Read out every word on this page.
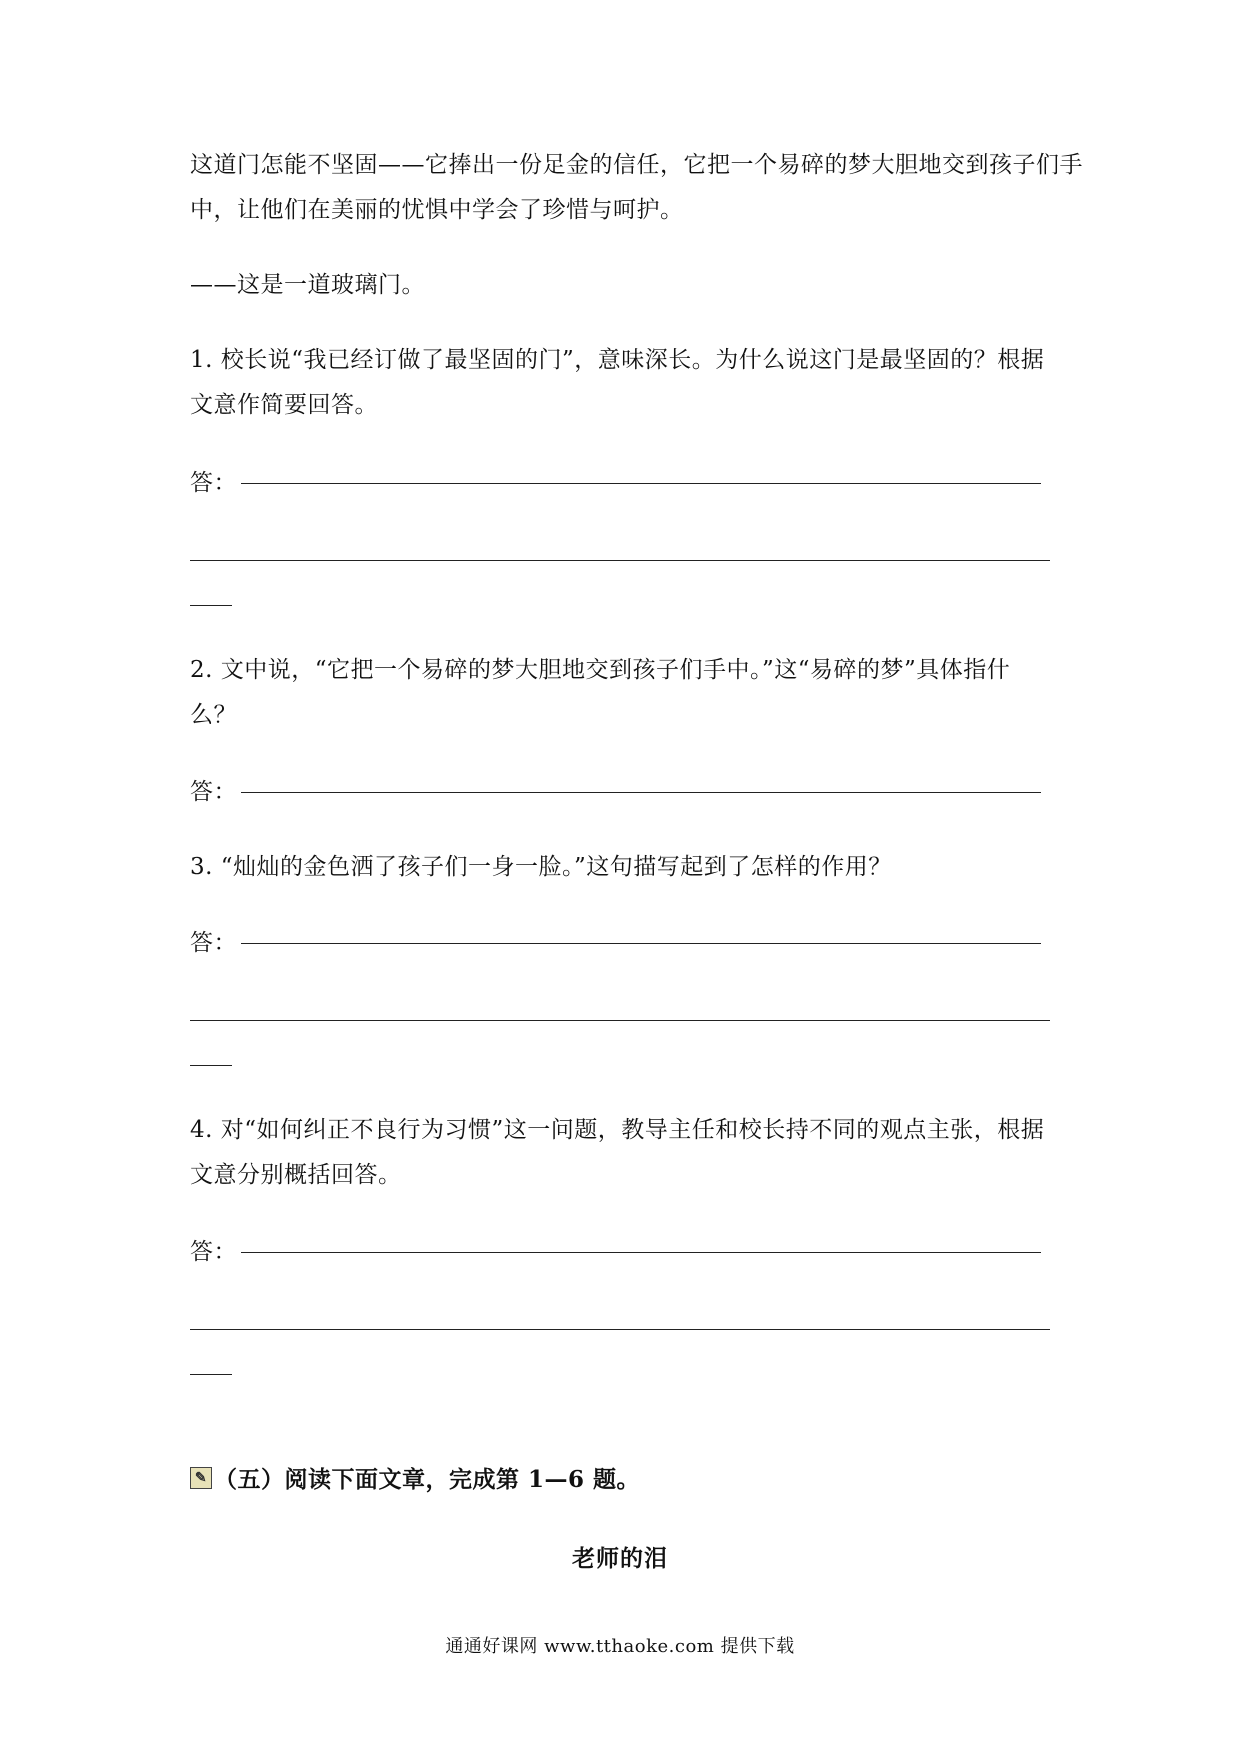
这道门怎能不坚固——它捧出一份足金的信任，它把一个易碎的梦大胆地交到孩子们手
中，让他们在美丽的忧惧中学会了珍惜与呵护。
——这是一道玻璃门。
1. 校长说“我已经订做了最坚固的门”，意味深长。为什么说这门是最坚固的？根据
文意作简要回答。
答：
2. 文中说，“它把一个易碎的梦大胆地交到孩子们手中。”这“易碎的梦”具体指什
么？
答：
3. “灿灿的金色洒了孩子们一身一脸。”这句描写起到了怎样的作用？
答：
4. 对“如何纠正不良行为习惯”这一问题，教导主任和校长持不同的观点主张，根据
文意分别概括回答。
答：
✎ （五）阅读下面文章，完成第 1—6 题。
老师的泪
通通好课网 www.tthaoke.com 提供下载
